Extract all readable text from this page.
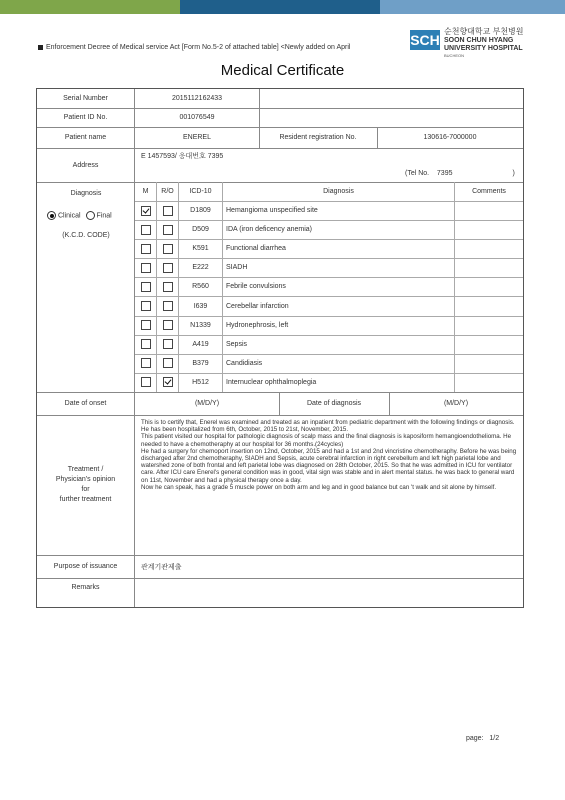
Enforcement Decree of Medical service Act [Form No.5-2 of attached table] <Newly added on April	SCH
순천향대학교 부천병원
SOON CHUN HYANG
UNIVERSITY HOSPITAL
BUCHEON
Medical Certificate
Serial Number	2015112162433
Patient ID No.	001076549
Patient name	ENEREL	Resident registration No.	130616-7000000
Address
E 1457593/ 응대번호 7395
(Tel No. 7395	)
Diagnosis
Clinical Final
(K.C.D. CODE)
M	R/O	ICD-10	Diagnosis	Comments
D1809	Hemangioma unspecified site
D509	IDA (iron deficency anemia)
K591	Functional diarrhea
E222	SIADH
R560	Febrile convulsions
I639	Cerebellar infarction
N1339	Hydronephrosis, left
A419	Sepsis
B379	Candidiasis
H512	Internuclear ophthalmoplegia
Date of onset	(M/D/Y)	Date of diagnosis	(M/D/Y)
Treatment /
Physician's opinion
for
further treatment

This is to certify that, Enerel was examined and treated as an inpatient from pediatric department with the following findings or diagnosis.

He has been hospitalized from 6th, October, 2015 to 21st, November, 2015.

This patient visited our hospital for pathologic diagnosis of scalp mass and the final diagnosis is kaposiform hemangioendothelioma. He needed to have a chemotheraphy at our hospital for 36 months.(24cycles)

He had a surgery for chemoport insertion on 12nd, October, 2015 and had a 1st and 2nd vincristine chemotheraphy. Before he was being discharged after 2nd chemotheraphy, SIADH and Sepsis, acute cerebral infarction in right cerebellum and left high parietal lobe and watershed zone of both frontal and left parietal lobe was diagnosed on 28th October, 2015. So that he was admitted in ICU for ventilator care. After ICU care Enerel's general condition was in good, vital sign was stable and in alert mental status. he was back to general ward on 11st, November and had a physical therapy once a day.

Now he can speak, has a grade 5 muscle power on both arm and leg and in good balance but can 't walk and sit alone by himself.

Purpose of issuance	관계기관제출
Remarks
page: 1/2
